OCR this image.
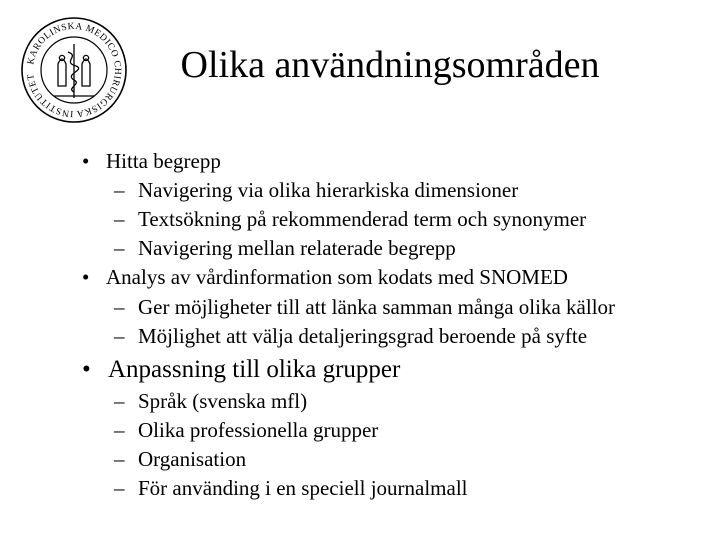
KAROLINSKA MEDICO CHIRURGISKA INSTITUTET	Olika användningsområden
• Hitta begrepp
– Navigering via olika hierarkiska dimensioner
– Textsökning på rekommenderad term och synonymer
– Navigering mellan relaterade begrepp
• Analys av vårdinformation som kodats med SNOMED
– Ger möjligheter till att länka samman många olika källor
– Möjlighet att välja detaljeringsgrad beroende på syfte
• Anpassning till olika grupper
– Språk (svenska mfl)
– Olika professionella grupper
– Organisation
– För använding i en speciell journalmall
